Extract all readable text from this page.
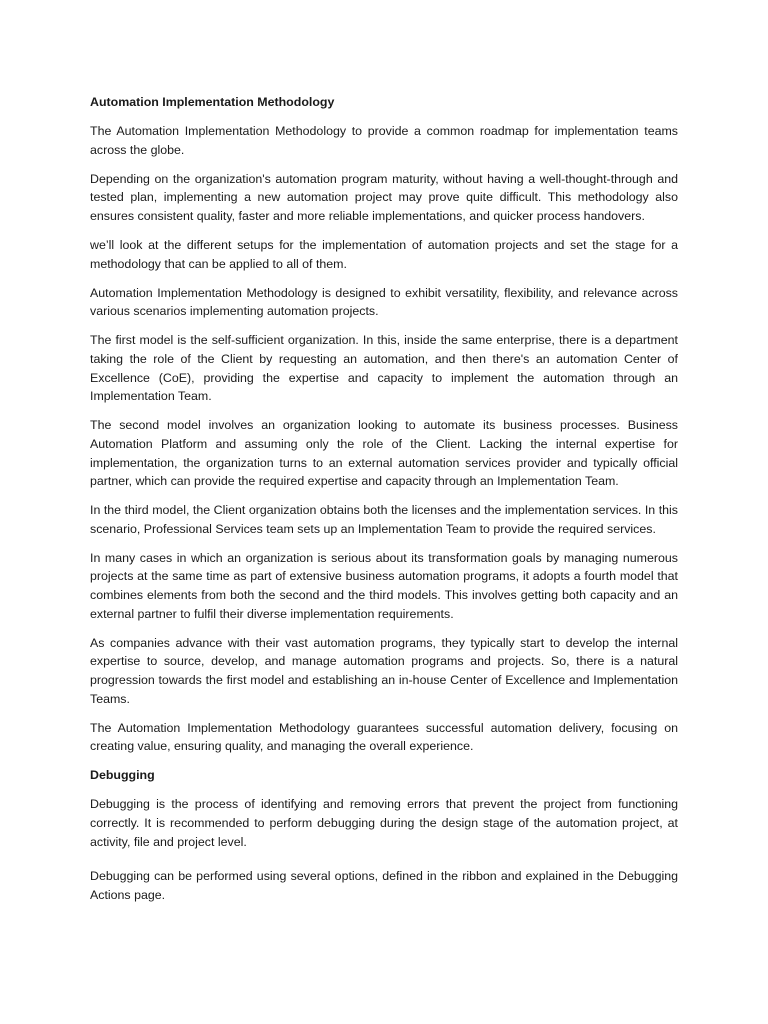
Automation Implementation Methodology

The Automation Implementation Methodology to provide a common roadmap for implementation teams across the globe.

Depending on the organization's automation program maturity, without having a well-thought-through and tested plan, implementing a new automation project may prove quite difficult. This methodology also ensures consistent quality, faster and more reliable implementations, and quicker process handovers.

we’ll look at the different setups for the implementation of automation projects and set the stage for a methodology that can be applied to all of them.

Automation Implementation Methodology is designed to exhibit versatility, flexibility, and relevance across various scenarios implementing automation projects.

The first model is the self-sufficient organization. In this, inside the same enterprise, there is a department taking the role of the Client by requesting an automation, and then there's an automation Center of Excellence (CoE), providing the expertise and capacity to implement the automation through an Implementation Team.

The second model involves an organization looking to automate its business processes. Business Automation Platform and assuming only the role of the Client. Lacking the internal expertise for implementation, the organization turns to an external automation services provider and typically official partner, which can provide the required expertise and capacity through an Implementation Team.

In the third model, the Client organization obtains both the licenses and the implementation services. In this scenario, Professional Services team sets up an Implementation Team to provide the required services.

In many cases in which an organization is serious about its transformation goals by managing numerous projects at the same time as part of extensive business automation programs, it adopts a fourth model that combines elements from both the second and the third models. This involves getting both capacity and an external partner to fulfil their diverse implementation requirements.

As companies advance with their vast automation programs, they typically start to develop the internal expertise to source, develop, and manage automation programs and projects. So, there is a natural progression towards the first model and establishing an in-house Center of Excellence and Implementation Teams.

The Automation Implementation Methodology guarantees successful automation delivery, focusing on creating value, ensuring quality, and managing the overall experience.

Debugging

Debugging is the process of identifying and removing errors that prevent the project from functioning correctly. It is recommended to perform debugging during the design stage of the automation project, at activity, file and project level.

Debugging can be performed using several options, defined in the ribbon and explained in the Debugging Actions page.
